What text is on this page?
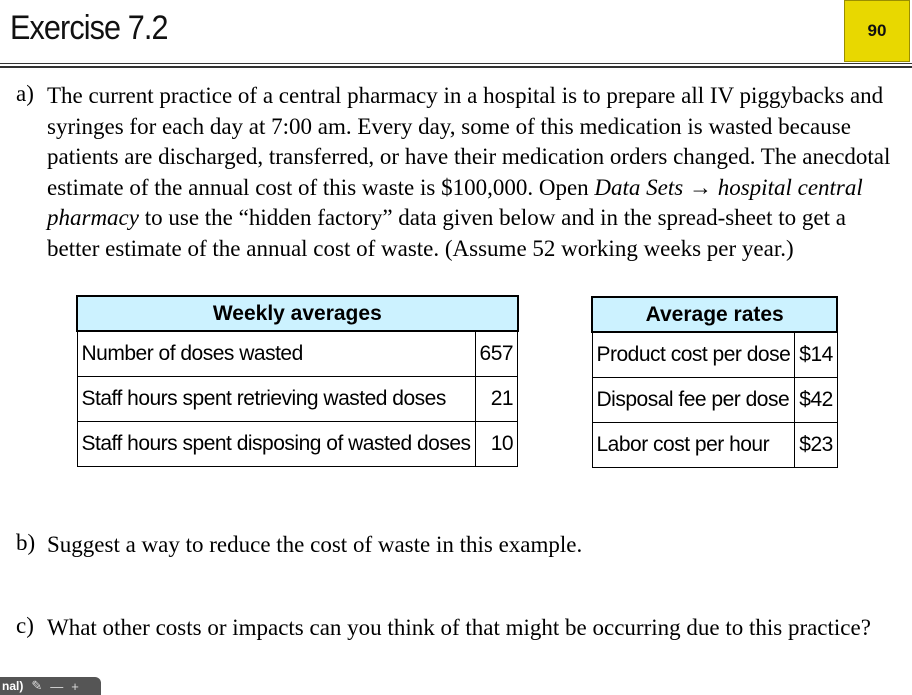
Exercise 7.2	90
a) The current practice of a central pharmacy in a hospital is to prepare all IV piggybacks and syringes for each day at 7:00 am. Every day, some of this medication is wasted because patients are discharged, transferred, or have their medication orders changed. The anecdotal estimate of the annual cost of this waste is $100,000. Open Data Sets → hospital central pharmacy to use the “hidden factory” data given below and in the spread-sheet to get a better estimate of the annual cost of waste. (Assume 52 working weeks per year.)
Weekly averages	
Number of doses wasted	657
Staff hours spent retrieving wasted doses	21
Staff hours spent disposing of wasted doses	10
Average rates	
Product cost per dose	$14
Disposal fee per dose	$42
Labor cost per hour	$23
b) Suggest a way to reduce the cost of waste in this example.
c) What other costs or impacts can you think of that might be occurring due to this practice?
nal) ✎ — +
